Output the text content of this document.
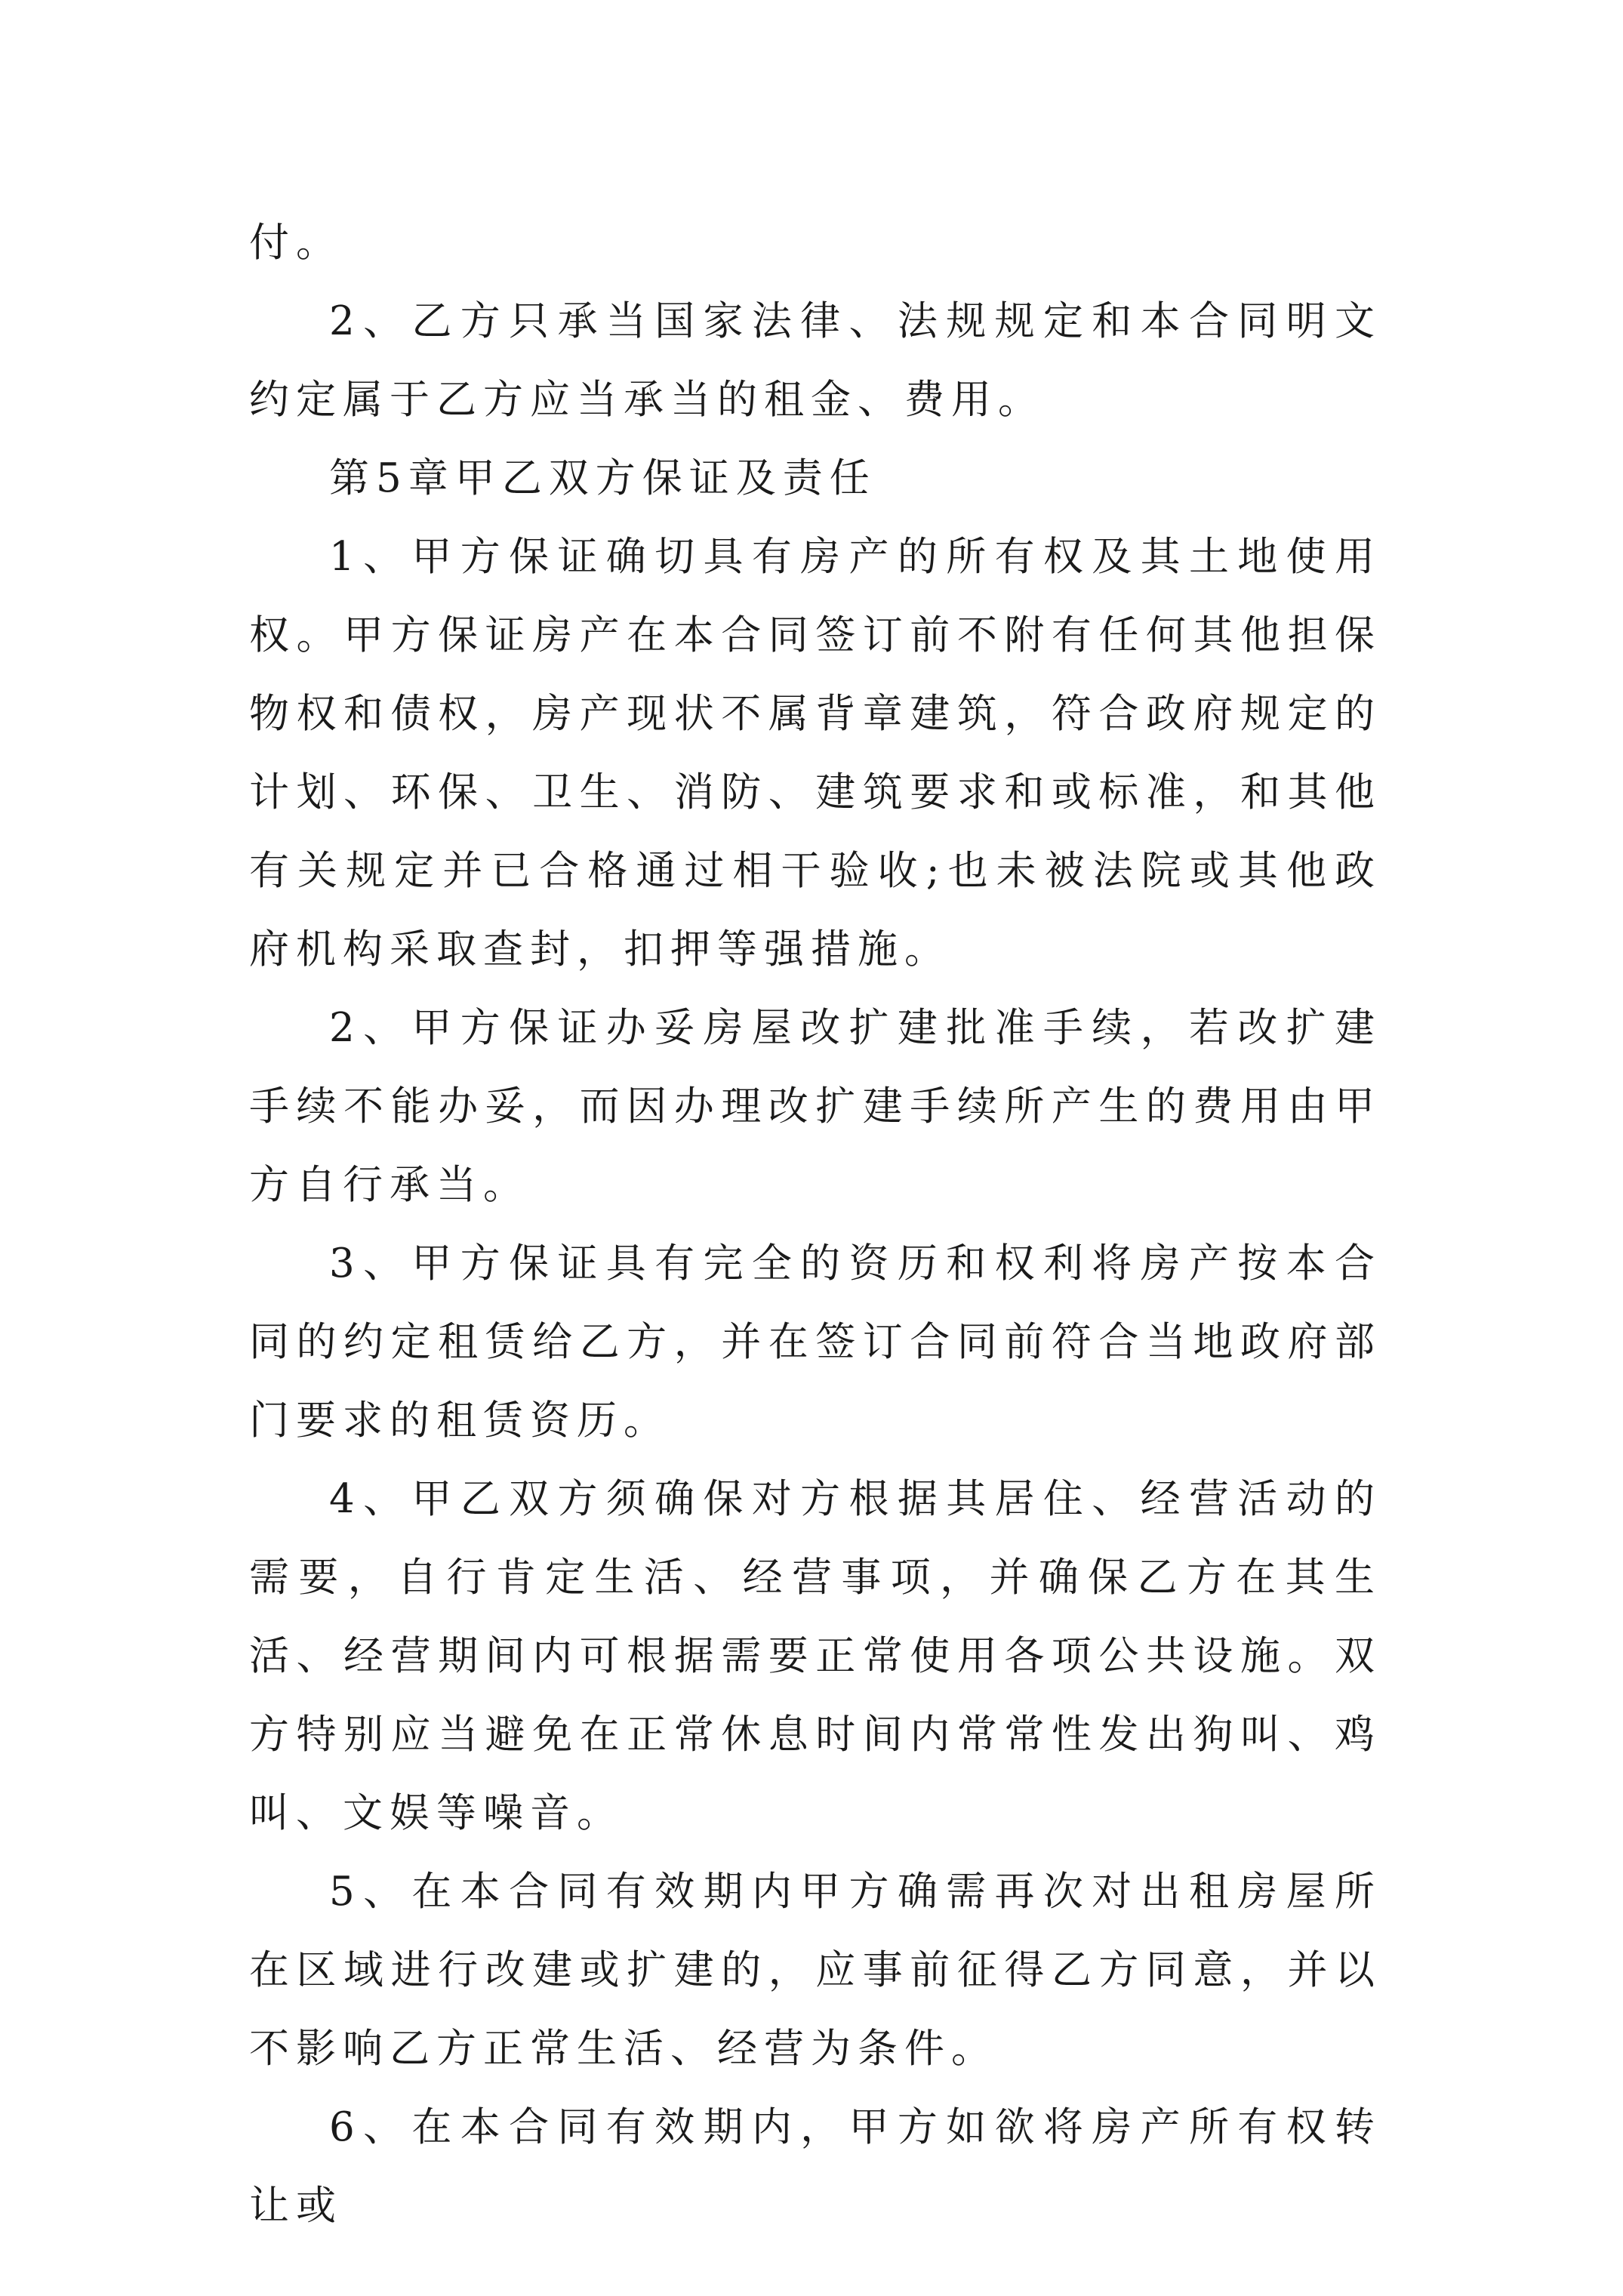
付。

2、乙方只承当国家法律、法规规定和本合同明文约定属于乙方应当承当的租金、费用。

第5章甲乙双方保证及责任

1、甲方保证确切具有房产的所有权及其土地使用权。甲方保证房产在本合同签订前不附有任何其他担保物权和债权，房产现状不属背章建筑，符合政府规定的计划、环保、卫生、消防、建筑要求和或标准，和其他有关规定并已合格通过相干验收;也未被法院或其他政府机构采取查封，扣押等强措施。

2、甲方保证办妥房屋改扩建批准手续，若改扩建手续不能办妥，而因办理改扩建手续所产生的费用由甲方自行承当。

3、甲方保证具有完全的资历和权利将房产按本合同的约定租赁给乙方，并在签订合同前符合当地政府部门要求的租赁资历。

4、甲乙双方须确保对方根据其居住、经营活动的需要，自行肯定生活、经营事项，并确保乙方在其生活、经营期间内可根据需要正常使用各项公共设施。双方特别应当避免在正常休息时间内常常性发出狗叫、鸡叫、文娱等噪音。

5、在本合同有效期内甲方确需再次对出租房屋所在区域进行改建或扩建的，应事前征得乙方同意，并以不影响乙方正常生活、经营为条件。

6、在本合同有效期内，甲方如欲将房产所有权转让或
